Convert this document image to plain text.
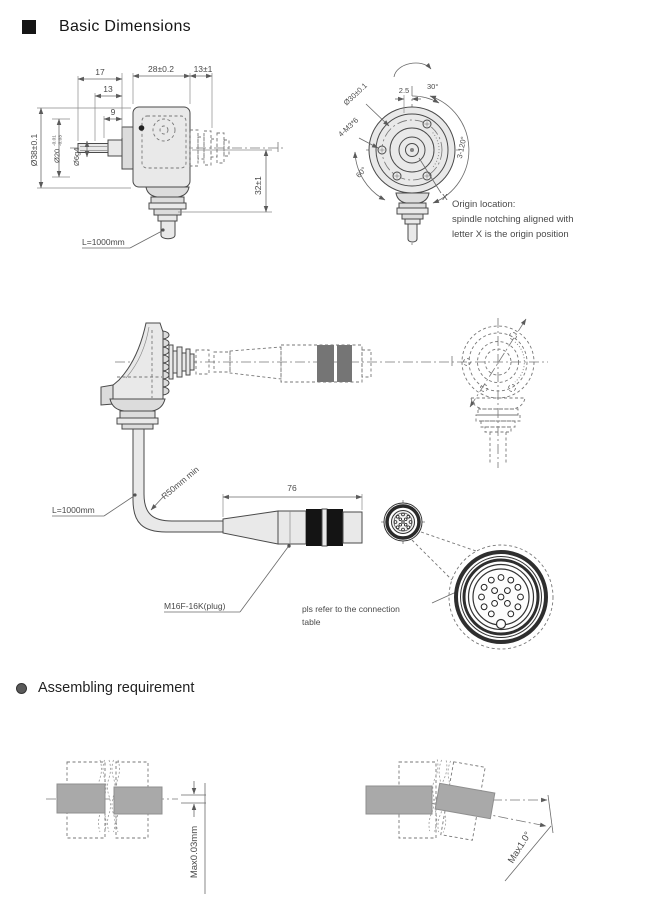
Basic Dimensions
Assembling requirement
17
13
9
28±0.2 13±1
Ø38±0.1 Ø20
-0.01 -0.03
Ø6g4
32±1
L=1000mm
2.5 30°
Ø30±0.1
4-M3*6
3-120°
60°
X
Origin location:
spindle notching aligned with
letter X is the origin position
76
R50mm min
L=1000mm
M16F-16K(plug)	pls refer to the connection
table
Max0.03mm	Max1.0°
